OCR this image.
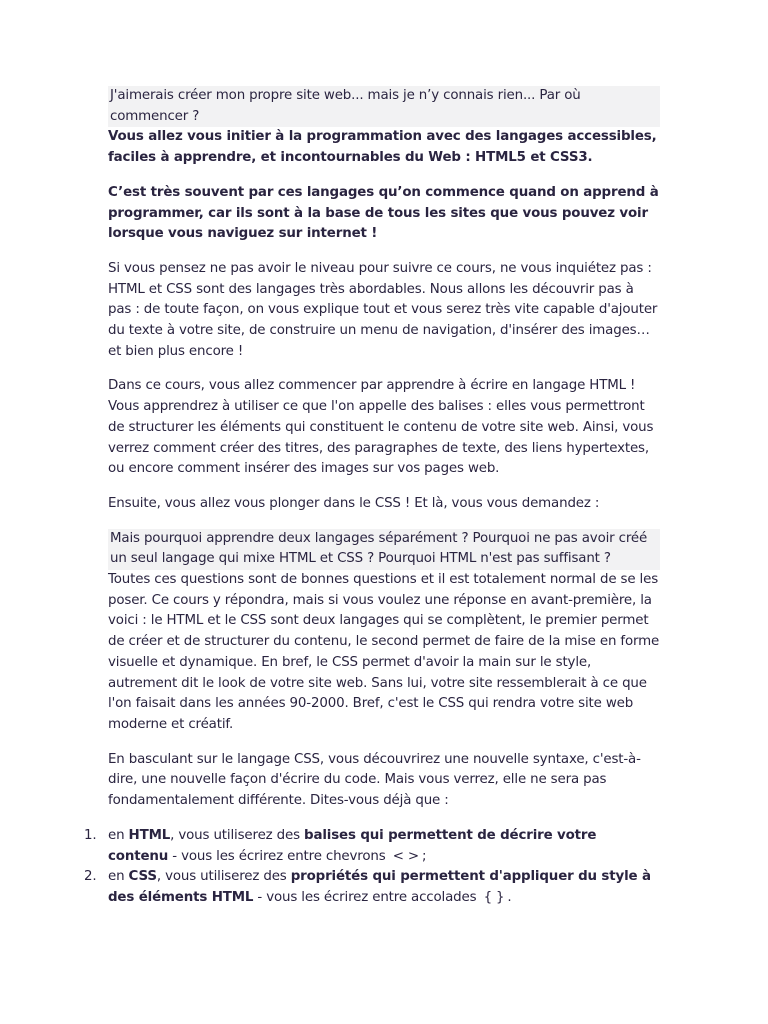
J'aimerais créer mon propre site web... mais je n’y connais rien... Par où commencer ?

Vous allez vous initier à la programmation avec des langages accessibles, faciles à apprendre, et incontournables du Web : HTML5 et CSS3.

C’est très souvent par ces langages qu’on commence quand on apprend à programmer, car ils sont à la base de tous les sites que vous pouvez voir lorsque vous naviguez sur internet !

Si vous pensez ne pas avoir le niveau pour suivre ce cours, ne vous inquiétez pas : HTML et CSS sont des langages très abordables. Nous allons les découvrir pas à pas : de toute façon, on vous explique tout et vous serez très vite capable d'ajouter du texte à votre site, de construire un menu de navigation, d'insérer des images… et bien plus encore !

Dans ce cours, vous allez commencer par apprendre à écrire en langage HTML ! Vous apprendrez à utiliser ce que l'on appelle des balises : elles vous permettront de structurer les éléments qui constituent le contenu de votre site web. Ainsi, vous verrez comment créer des titres, des paragraphes de texte, des liens hypertextes, ou encore comment insérer des images sur vos pages web.

Ensuite, vous allez vous plonger dans le CSS ! Et là, vous vous demandez :

Mais pourquoi apprendre deux langages séparément ? Pourquoi ne pas avoir créé un seul langage qui mixe HTML et CSS ? Pourquoi HTML n'est pas suffisant ?

Toutes ces questions sont de bonnes questions et il est totalement normal de se les poser. Ce cours y répondra, mais si vous voulez une réponse en avant-première, la voici : le HTML et le CSS sont deux langages qui se complètent, le premier permet de créer et de structurer du contenu, le second permet de faire de la mise en forme visuelle et dynamique. En bref, le CSS permet d'avoir la main sur le style, autrement dit le look de votre site web. Sans lui, votre site ressemblerait à ce que l'on faisait dans les années 90-2000. Bref, c'est le CSS qui rendra votre site web moderne et créatif.

En basculant sur le langage CSS, vous découvrirez une nouvelle syntaxe, c'est-à-dire, une nouvelle façon d'écrire du code. Mais vous verrez, elle ne sera pas fondamentalement différente. Dites-vous déjà que :

1. en HTML, vous utiliserez des balises qui permettent de décrire votre contenu - vous les écrirez entre chevrons < > ;
2. en CSS, vous utiliserez des propriétés qui permettent d'appliquer du style à des éléments HTML - vous les écrirez entre accolades { } .
